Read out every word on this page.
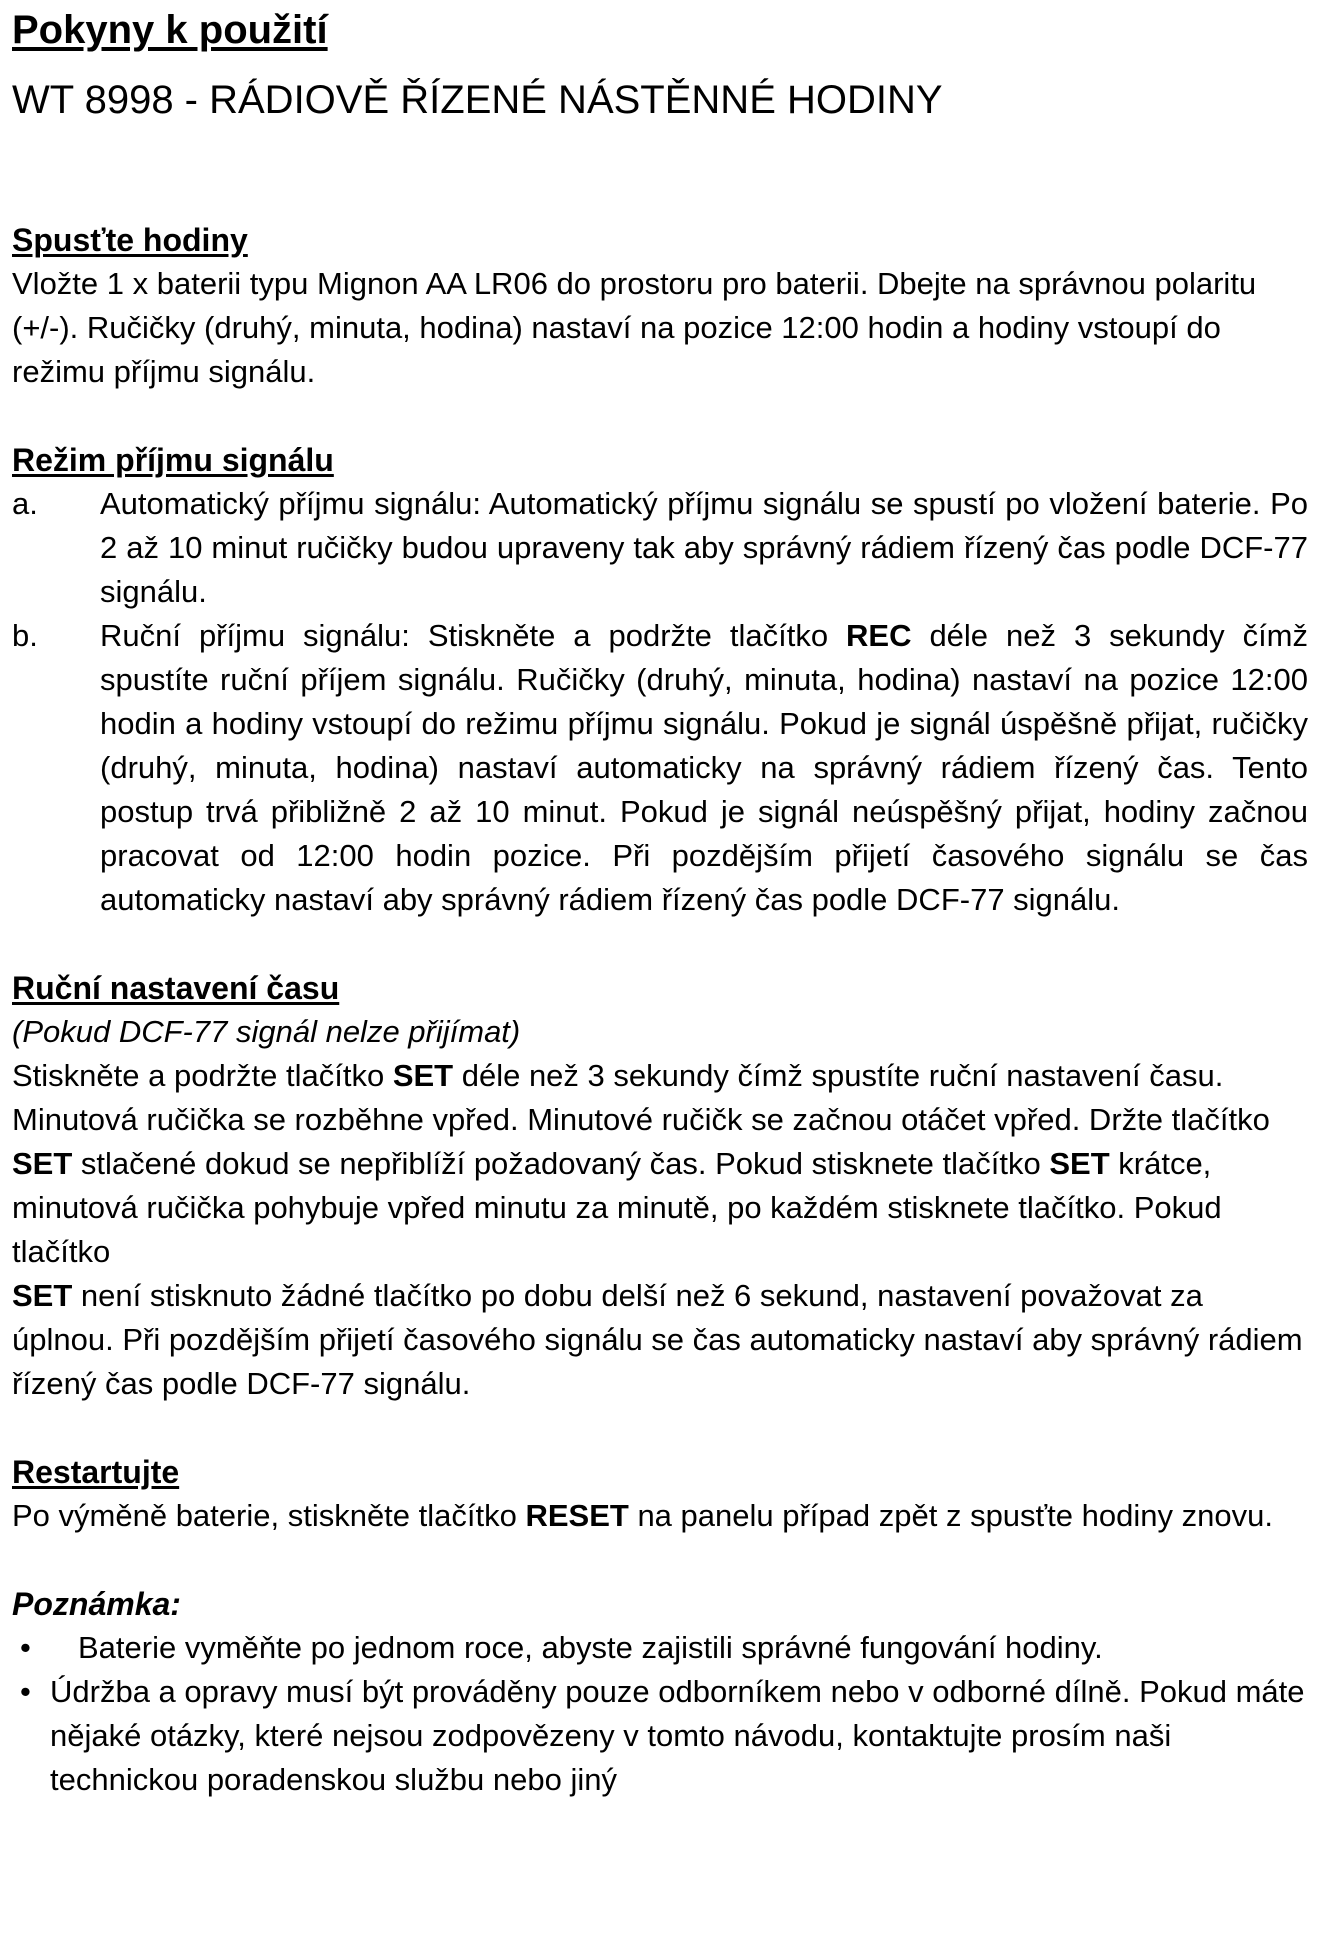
Pokyny k použití
WT 8998 - RÁDIOVĚ ŘÍZENÉ NÁSTĚNNÉ HODINY
Spusťte hodiny

Vložte 1 x baterii typu Mignon AA LR06 do prostoru pro baterii. Dbejte na správnou polaritu (+/-). Ručičky (druhý, minuta, hodina) nastaví na pozice 12:00 hodin a hodiny vstoupí do režimu příjmu signálu.

Režim příjmu signálu
a.	Automatický příjmu signálu: Automatický příjmu signálu se spustí po vložení baterie. Po 2 až 10 minut ručičky budou upraveny tak aby správný rádiem řízený čas podle DCF-77 signálu.
b.	Ruční příjmu signálu: Stiskněte a podržte tlačítko REC déle než 3 sekundy čímž spustíte ruční příjem signálu. Ručičky (druhý, minuta, hodina) nastaví na pozice 12:00 hodin a hodiny vstoupí do režimu příjmu signálu. Pokud je signál úspěšně přijat, ručičky (druhý, minuta, hodina) nastaví automaticky na správný rádiem řízený čas. Tento postup trvá přibližně 2 až 10 minut. Pokud je signál neúspěšný přijat, hodiny začnou pracovat od 12:00 hodin pozice. Při pozdějším přijetí časového signálu se čas automaticky nastaví aby správný rádiem řízený čas podle DCF-77 signálu.
Ruční nastavení času

(Pokud DCF-77 signál nelze přijímat)

Stiskněte a podržte tlačítko SET déle než 3 sekundy čímž spustíte ruční nastavení času. Minutová ručička se rozběhne vpřed. Minutové ručičk se začnou otáčet vpřed. Držte tlačítko SET stlačené dokud se nepřiblíží požadovaný čas. Pokud stisknete tlačítko SET krátce, minutová ručička pohybuje vpřed minutu za minutě, po každém stisknete tlačítko. Pokud tlačítko
SET není stisknuto žádné tlačítko po dobu delší než 6 sekund, nastavení považovat za úplnou. Při pozdějším přijetí časového signálu se čas automaticky nastaví aby správný rádiem řízený čas podle DCF-77 signálu.

Restartujte

Po výměně baterie, stiskněte tlačítko RESET na panelu případ zpět z spusťte hodiny znovu.

Poznámka:
•	Baterie vyměňte po jednom roce, abyste zajistili správné fungování hodiny.
• Údržba a opravy musí být prováděny pouze odborníkem nebo v odborné dílně. Pokud máte nějaké otázky, které nejsou zodpovězeny v tomto návodu, kontaktujte prosím naši technickou poradenskou službu nebo jiný
